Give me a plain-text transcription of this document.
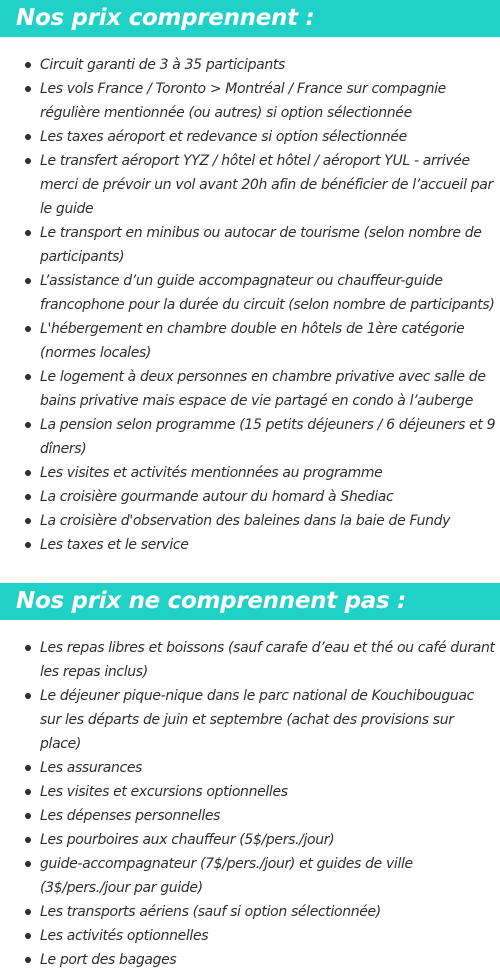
Nos prix comprennent :
Circuit garanti de 3 à 35 participants
Les vols France / Toronto > Montréal / France sur compagnie régulière mentionnée (ou autres) si option sélectionnée
Les taxes aéroport et redevance si option sélectionnée
Le transfert aéroport YYZ / hôtel et hôtel / aéroport YUL - arrivée merci de prévoir un vol avant 20h afin de bénéficier de l’accueil par le guide
Le transport en minibus ou autocar de tourisme (selon nombre de participants)
L’assistance d’un guide accompagnateur ou chauffeur-guide francophone pour la durée du circuit (selon nombre de participants)
L'hébergement en chambre double en hôtels de 1ère catégorie (normes locales)
Le logement à deux personnes en chambre privative avec salle de bains privative mais espace de vie partagé en condo à l’auberge
La pension selon programme (15 petits déjeuners / 6 déjeuners et 9 dîners)
Les visites et activités mentionnées au programme
La croisière gourmande autour du homard à Shediac
La croisière d'observation des baleines dans la baie de Fundy
Les taxes et le service
Nos prix ne comprennent pas :
Les repas libres et boissons (sauf carafe d’eau et thé ou café durant les repas inclus)
Le déjeuner pique-nique dans le parc national de Kouchibouguac sur les départs de juin et septembre (achat des provisions sur place)
Les assurances
Les visites et excursions optionnelles
Les dépenses personnelles
Les pourboires aux chauffeur (5$/pers./jour)
guide-accompagnateur (7$/pers./jour) et guides de ville (3$/pers./jour par guide)
Les transports aériens (sauf si option sélectionnée)
Les activités optionnelles
Le port des bagages
